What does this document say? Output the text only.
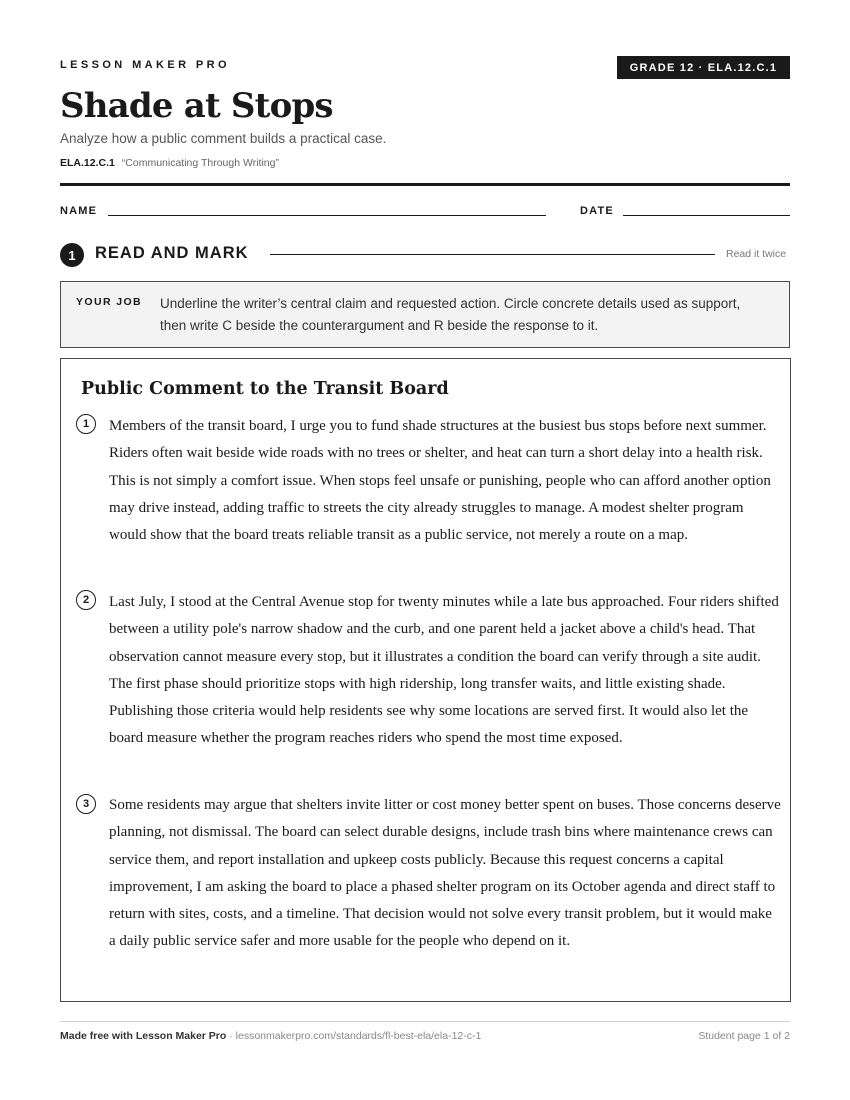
LESSON MAKER PRO	GRADE 12 · ELA.12.C.1
Shade at Stops
Analyze how a public comment builds a practical case.
ELA.12.C.1 “Communicating Through Writing”
NAME	DATE
1	READ AND MARK	Read it twice
YOUR JOB Underline the writer’s central claim and requested action. Circle concrete details used as support, then write C beside the counterargument and R beside the response to it.
Public Comment to the Transit Board
1	Members of the transit board, I urge you to fund shade structures at the busiest bus stops before next summer. Riders often wait beside wide roads with no trees or shelter, and heat can turn a short delay into a health risk. This is not simply a comfort issue. When stops feel unsafe or punishing, people who can afford another option may drive instead, adding traffic to streets the city already struggles to manage. A modest shelter program would show that the board treats reliable transit as a public service, not merely a route on a map.

2	Last July, I stood at the Central Avenue stop for twenty minutes while a late bus approached. Four riders shifted between a utility pole's narrow shadow and the curb, and one parent held a jacket above a child's head. That observation cannot measure every stop, but it illustrates a condition the board can verify through a site audit. The first phase should prioritize stops with high ridership, long transfer waits, and little existing shade. Publishing those criteria would help residents see why some locations are served first. It would also let the board measure whether the program reaches riders who spend the most time exposed.

3	Some residents may argue that shelters invite litter or cost money better spent on buses. Those concerns deserve planning, not dismissal. The board can select durable designs, include trash bins where maintenance crews can service them, and report installation and upkeep costs publicly. Because this request concerns a capital improvement, I am asking the board to place a phased shelter program on its October agenda and direct staff to return with sites, costs, and a timeline. That decision would not solve every transit problem, but it would make a daily public service safer and more usable for the people who depend on it.

Made free with Lesson Maker Pro · lessonmakerpro.com/standards/fl-best-ela/ela-12-c-1	Student page 1 of 2
